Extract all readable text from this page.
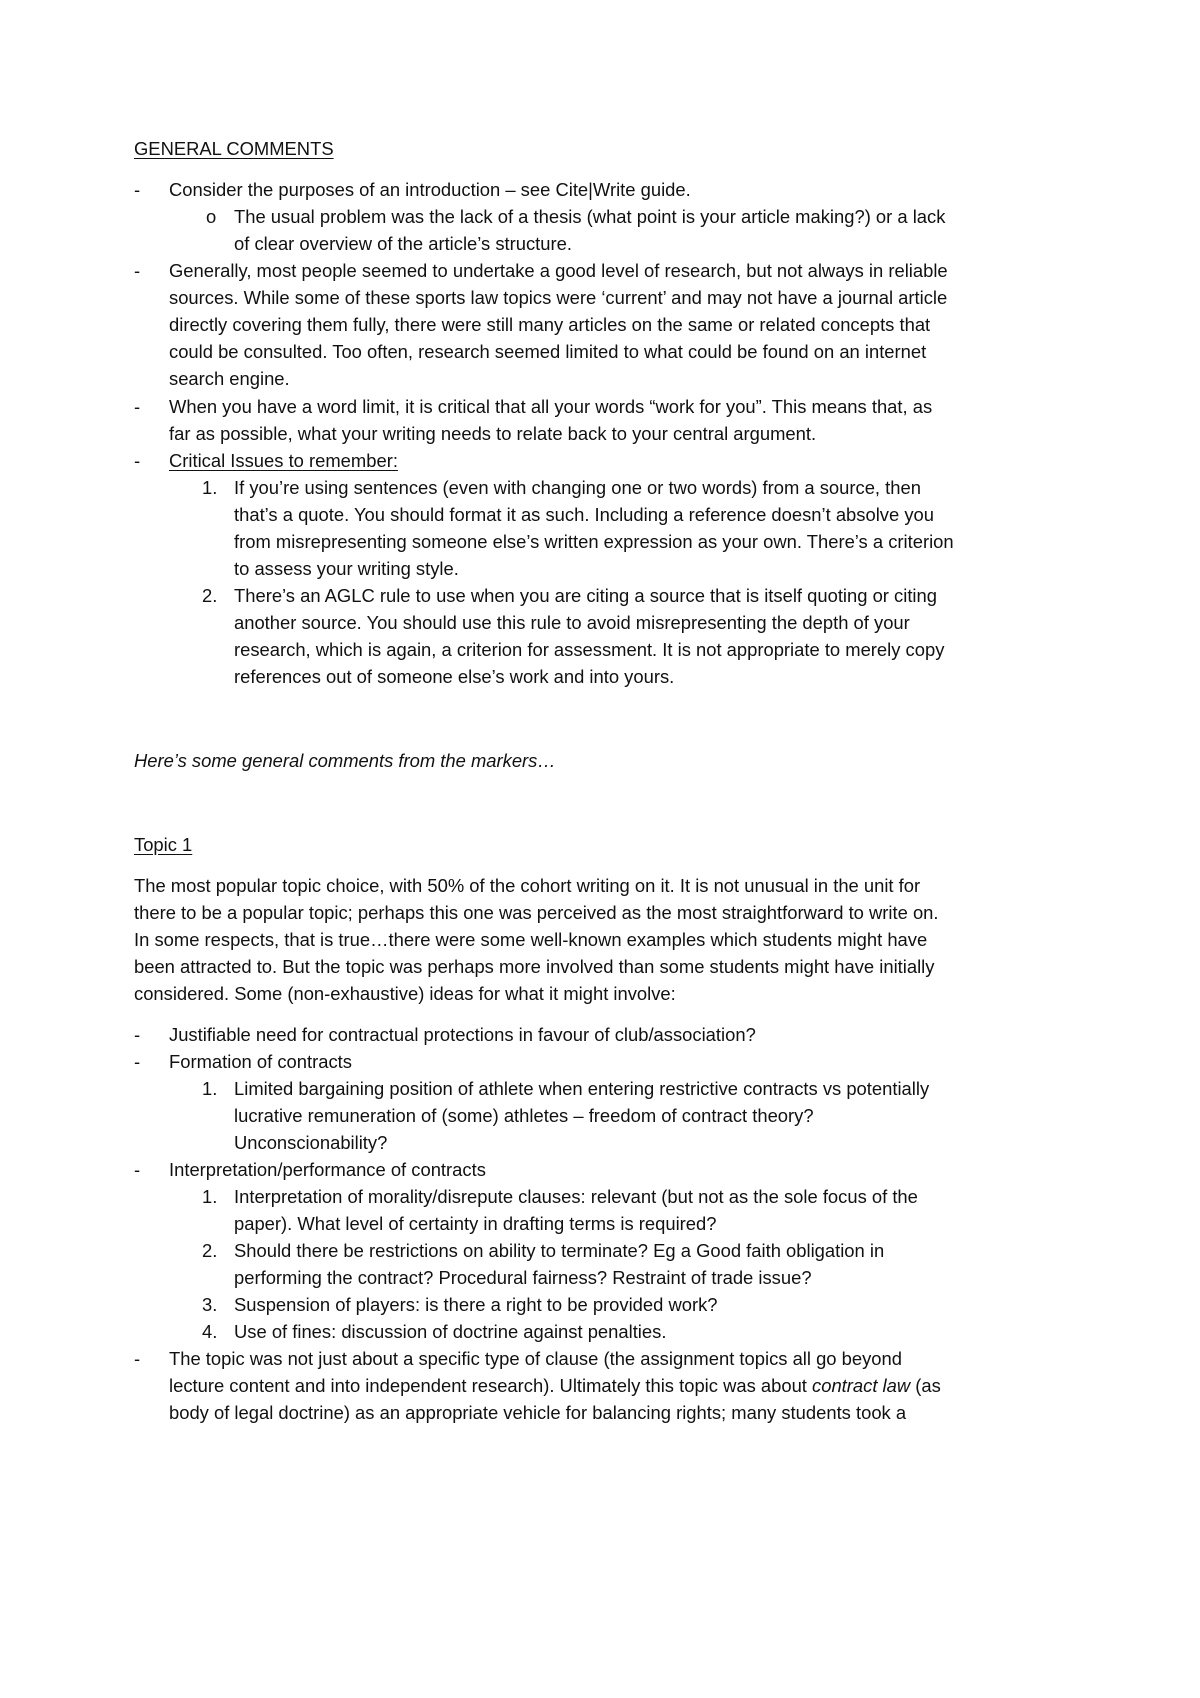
GENERAL COMMENTS
- Consider the purposes of an introduction – see Cite|Write guide.
o The usual problem was the lack of a thesis (what point is your article making?) or a lack
of clear overview of the article’s structure.
- Generally, most people seemed to undertake a good level of research, but not always in reliable
sources. While some of these sports law topics were ‘current’ and may not have a journal article
directly covering them fully, there were still many articles on the same or related concepts that
could be consulted. Too often, research seemed limited to what could be found on an internet
search engine.
- When you have a word limit, it is critical that all your words “work for you”. This means that, as
far as possible, what your writing needs to relate back to your central argument.
- Critical Issues to remember:
1. If you’re using sentences (even with changing one or two words) from a source, then
that’s a quote. You should format it as such. Including a reference doesn’t absolve you
from misrepresenting someone else’s written expression as your own. There’s a criterion
to assess your writing style.
2. There’s an AGLC rule to use when you are citing a source that is itself quoting or citing
another source. You should use this rule to avoid misrepresenting the depth of your
research, which is again, a criterion for assessment. It is not appropriate to merely copy
references out of someone else’s work and into yours.
Here’s some general comments from the markers…
Topic 1
The most popular topic choice, with 50% of the cohort writing on it. It is not unusual in the unit for
there to be a popular topic; perhaps this one was perceived as the most straightforward to write on.
In some respects, that is true…there were some well-known examples which students might have
been attracted to. But the topic was perhaps more involved than some students might have initially
considered. Some (non-exhaustive) ideas for what it might involve:
- Justifiable need for contractual protections in favour of club/association?
- Formation of contracts
1. Limited bargaining position of athlete when entering restrictive contracts vs potentially
lucrative remuneration of (some) athletes – freedom of contract theory?
Unconscionability?
- Interpretation/performance of contracts
1. Interpretation of morality/disrepute clauses: relevant (but not as the sole focus of the
paper). What level of certainty in drafting terms is required?
2. Should there be restrictions on ability to terminate? Eg a Good faith obligation in
performing the contract? Procedural fairness? Restraint of trade issue?
3. Suspension of players: is there a right to be provided work?
4. Use of fines: discussion of doctrine against penalties.
- The topic was not just about a specific type of clause (the assignment topics all go beyond
lecture content and into independent research). Ultimately this topic was about contract law (as
body of legal doctrine) as an appropriate vehicle for balancing rights; many students took a
